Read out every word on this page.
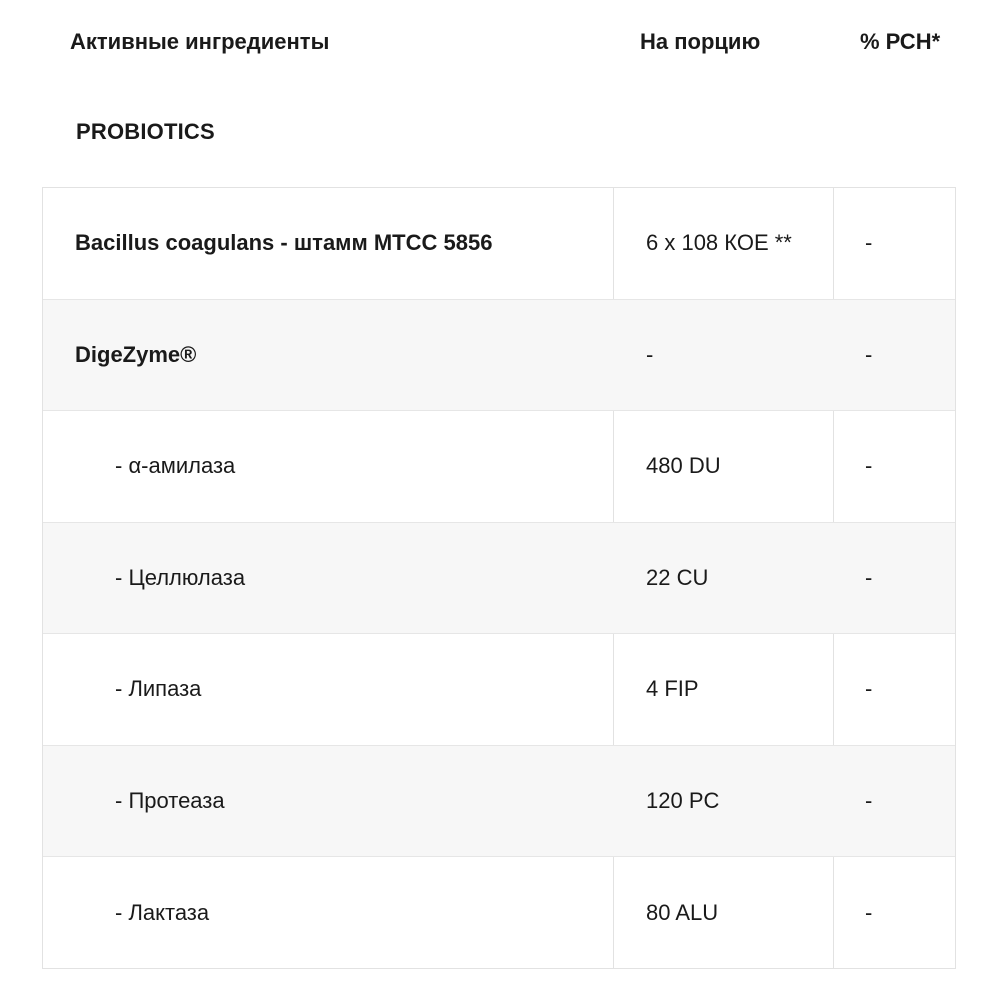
Активные ингредиенты	На порцию	% РСН*
PROBIOTICS
Bacillus coagulans - штамм MTCC 5856	6 x 108 КОЕ **	-
DigeZyme®	-	-
- α-амилаза	480 DU	-
- Целлюлаза	22 CU	-
- Липаза	4 FIP	-
- Протеаза	120 PC	-
- Лактаза	80 ALU	-
